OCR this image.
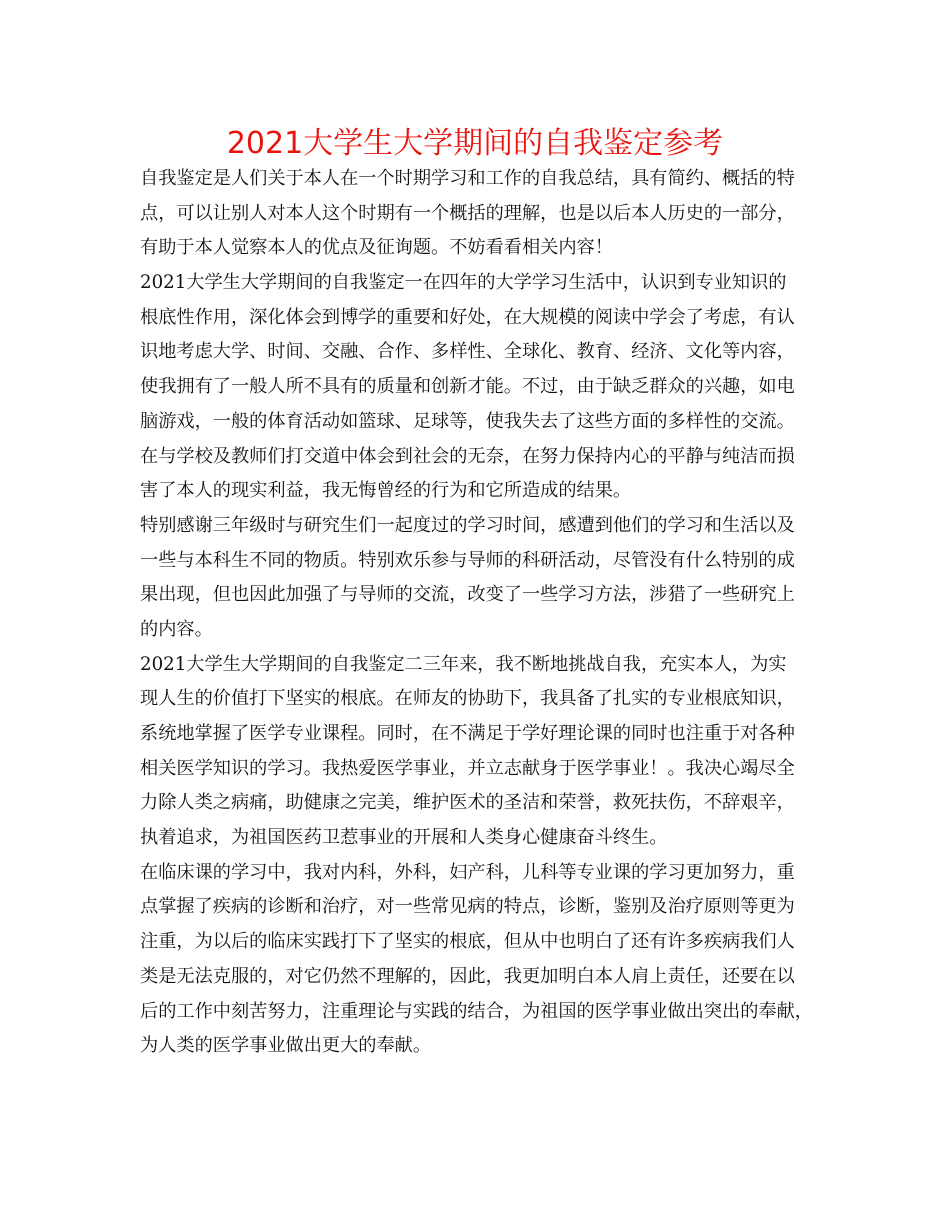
2021大学生大学期间的自我鉴定参考
自我鉴定是人们关于本人在一个时期学习和工作的自我总结，具有简约、概括的特
点，可以让别人对本人这个时期有一个概括的理解，也是以后本人历史的一部分，
有助于本人觉察本人的优点及征询题。不妨看看相关内容！
2021大学生大学期间的自我鉴定一在四年的大学学习生活中，认识到专业知识的
根底性作用，深化体会到博学的重要和好处，在大规模的阅读中学会了考虑，有认
识地考虑大学、时间、交融、合作、多样性、全球化、教育、经济、文化等内容，
使我拥有了一般人所不具有的质量和创新才能。不过，由于缺乏群众的兴趣，如电
脑游戏，一般的体育活动如篮球、足球等，使我失去了这些方面的多样性的交流。
在与学校及教师们打交道中体会到社会的无奈，在努力保持内心的平静与纯洁而损
害了本人的现实利益，我无悔曾经的行为和它所造成的结果。
特别感谢三年级时与研究生们一起度过的学习时间，感遭到他们的学习和生活以及
一些与本科生不同的物质。特别欢乐参与导师的科研活动，尽管没有什么特别的成
果出现，但也因此加强了与导师的交流，改变了一些学习方法，涉猎了一些研究上
的内容。
2021大学生大学期间的自我鉴定二三年来，我不断地挑战自我，充实本人，为实
现人生的价值打下坚实的根底。在师友的协助下，我具备了扎实的专业根底知识，
系统地掌握了医学专业课程。同时，在不满足于学好理论课的同时也注重于对各种
相关医学知识的学习。我热爱医学事业，并立志献身于医学事业！。我决心竭尽全
力除人类之病痛，助健康之完美，维护医术的圣洁和荣誉，救死扶伤，不辞艰辛，
执着追求，为祖国医药卫惹事业的开展和人类身心健康奋斗终生。
在临床课的学习中，我对内科，外科，妇产科，儿科等专业课的学习更加努力，重
点掌握了疾病的诊断和治疗，对一些常见病的特点，诊断，鉴别及治疗原则等更为
注重，为以后的临床实践打下了坚实的根底，但从中也明白了还有许多疾病我们人
类是无法克服的，对它仍然不理解的，因此，我更加明白本人肩上责任，还要在以
后的工作中刻苦努力，注重理论与实践的结合，为祖国的医学事业做出突出的奉献，
为人类的医学事业做出更大的奉献。
